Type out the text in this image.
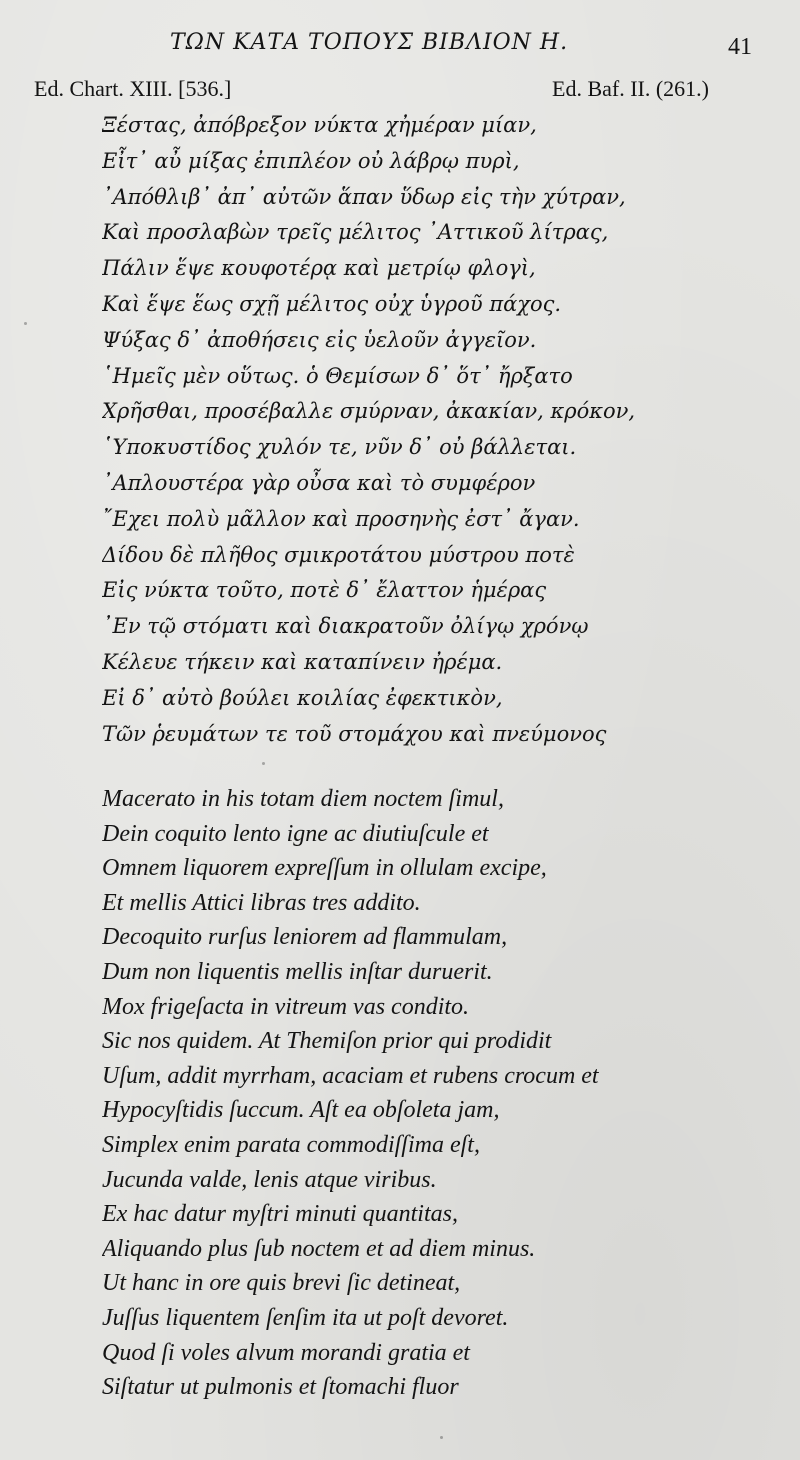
ΤΩΝ ΚΑΤΑ ΤΟΠΟΥΣ ΒΙΒΛΙΟΝ Η.	41
Ed. Chart. XIII. [536.]	Ed. Baf. II. (261.)
Ξέστας, ἀπόβρεξον νύκτα χἠμέραν μίαν,
Εἶτ᾽ αὖ μίξας ἐπιπλέον οὐ λάβρῳ πυρὶ,
᾽Απόθλιβ᾽ ἀπ᾽ αὐτῶν ἅπαν ὕδωρ εἰς τὴν χύτραν,
Καὶ προσλαβὼν τρεῖς μέλιτος ᾽Αττικοῦ λίτρας,
Πάλιν ἕψε κουφοτέρᾳ καὶ μετρίῳ φλογὶ,
Καὶ ἕψε ἕως σχῇ μέλιτος οὐχ ὑγροῦ πάχος.
Ψύξας δ᾽ ἀποθήσεις εἰς ὑελοῦν ἀγγεῖον.
῾Ημεῖς μὲν οὕτως. ὁ Θεμίσων δ᾽ ὅτ᾽ ἤρξατο
Χρῆσθαι, προσέβαλλε σμύρναν, ἀκακίαν, κρόκον,
῾Υποκυστίδος χυλόν τε, νῦν δ᾽ οὐ βάλλεται.
᾽Απλουστέρα γὰρ οὖσα καὶ τὸ συμφέρον
῎Εχει πολὺ μᾶλλον καὶ προσηνὴς ἐστ᾽ ἄγαν.
Δίδου δὲ πλῆθος σμικροτάτου μύστρου ποτὲ
Εἰς νύκτα τοῦτο, ποτὲ δ᾽ ἔλαττον ἡμέρας
᾽Εν τῷ στόματι καὶ διακρατοῦν ὀλίγῳ χρόνῳ
Κέλευε τήκειν καὶ καταπίνειν ἠρέμα.
Εἰ δ᾽ αὐτὸ βούλει κοιλίας ἐφεκτικὸν,
Τῶν ῥευμάτων τε τοῦ στομάχου καὶ πνεύμονος
Macerato in his totam diem noctem ſimul,
Dein coquito lento igne ac diutiuſcule et
Omnem liquorem expreſſum in ollulam excipe,
Et mellis Attici libras tres addito.
Decoquito rurſus leniorem ad flammulam,
Dum non liquentis mellis inſtar duruerit.
Mox frigeſacta in vitreum vas condito.
Sic nos quidem. At Themiſon prior qui prodidit
Uſum, addit myrrham, acaciam et rubens crocum et
Hypocyſtidis ſuccum. Aſt ea obſoleta jam,
Simplex enim parata commodiſſima eſt,
Jucunda valde, lenis atque viribus.
Ex hac datur myſtri minuti quantitas,
Aliquando plus ſub noctem et ad diem minus.
Ut hanc in ore quis brevi ſic detineat,
Juſſus liquentem ſenſim ita ut poſt devoret.
Quod ſi voles alvum morandi gratia et
Siſtatur ut pulmonis et ſtomachi fluor
